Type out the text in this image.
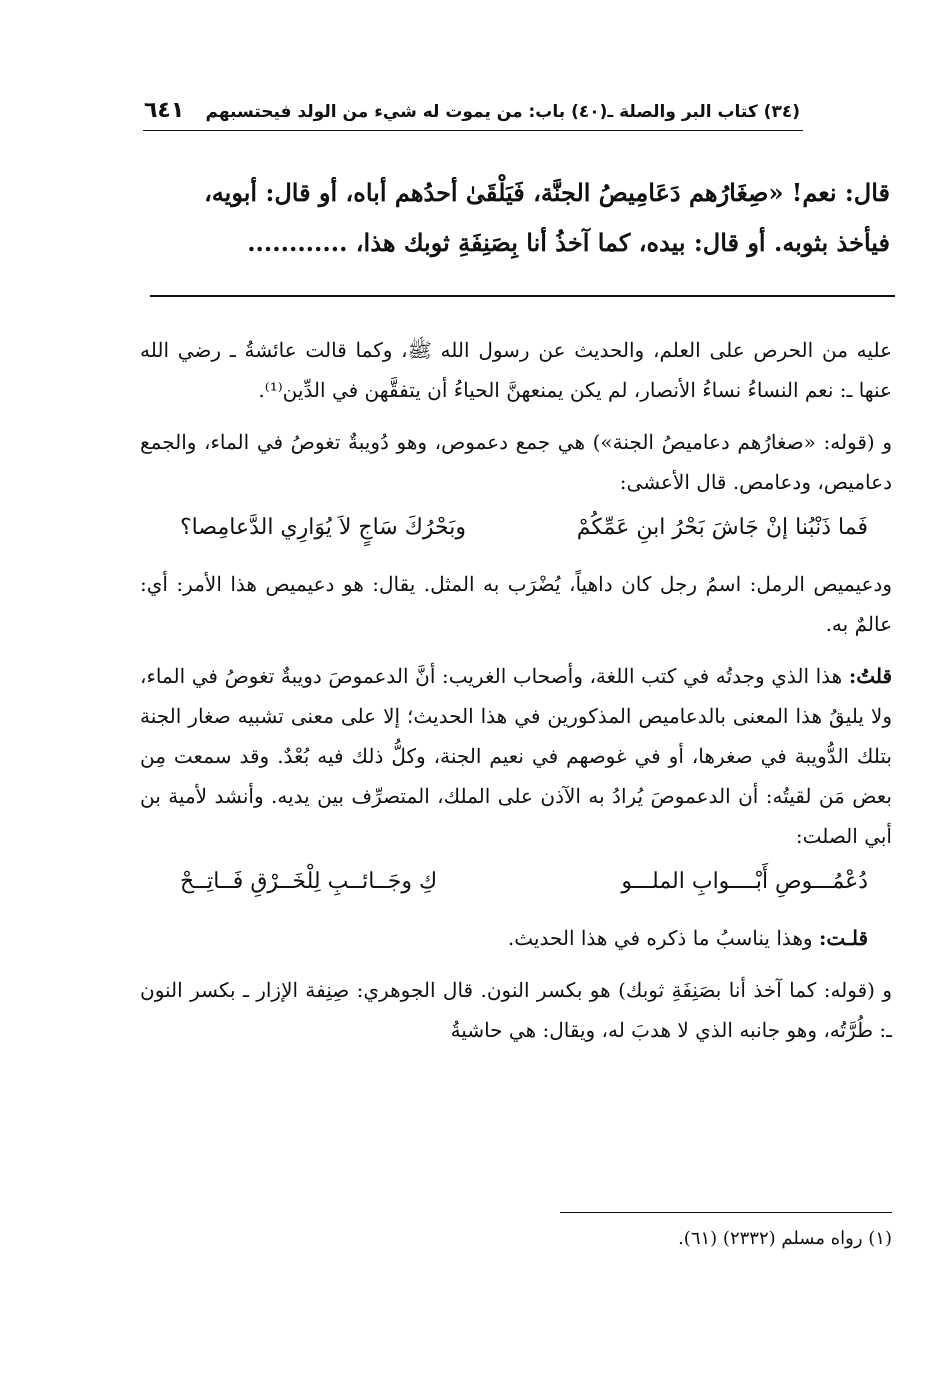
(٣٤) كتاب البر والصلة ـ(٤٠) باب: من يموت له شيء من الولد فيحتسبهم
٦٤١

قال: نعم! «صِغَارُهم دَعَامِيصُ الجنَّة، فَيَلْقَىٰ أحدُهم أباه، أو قال: أبويه،

فيأخذ بثوبه. أو قال: بيده، كما آخذُ أنا بِصَنِفَةِ ثوبك هذا، ............

عليه من الحرص على العلم، والحديث عن رسول الله ﷺ، وكما قالت عائشةُ ـ رضي الله عنها ـ: نعم النساءُ نساءُ الأنصار، لم يكن يمنعهنَّ الحياءُ أن يتفقَّهن في الدِّين⁽¹⁾.

و (قوله: «صغارُهم دعاميصُ الجنة») هي جمع دعموص، وهو دُويبةٌ تغوصُ في الماء، والجمع دعاميص، ودعامص. قال الأعشى:

فَما ذَنْبُنا إنْ جَاشَ بَحْرُ ابنِ عَمِّكُمْ
وبَحْرُكَ سَاجٍ لاَ يُوَارِي الدَّعامِصا؟

ودعيميص الرمل: اسمُ رجل كان داهياً، يُضْرَب به المثل. يقال: هو دعيميص هذا الأمر: أي: عالمٌ به.

قلتُ: هذا الذي وجدتُه في كتب اللغة، وأصحاب الغريب: أنَّ الدعموصَ دويبةٌ تغوصُ في الماء، ولا يليقُ هذا المعنى بالدعاميص المذكورين في هذا الحديث؛ إلا على معنى تشبيه صغار الجنة بتلك الدُّويبة في صغرها، أو في غوصهم في نعيم الجنة، وكلُّ ذلك فيه بُعْدٌ. وقد سمعت مِن بعض مَن لقيتُه: أن الدعموصَ يُرادُ به الآذن على الملك، المتصرِّف بين يديه. وأنشد لأمية بن أبي الصلت:

دُعْمُـــوصِ أَبْــــوابِ الملـــو
كِ وجَــائــبِ لِلْخَــرْقِ فَــاتِــحْ

قلـت: وهذا يناسبُ ما ذكره في هذا الحديث.

و (قوله: كما آخذ أنا بصَنِفَةِ ثوبك) هو بكسر النون. قال الجوهري: صِنِفة الإزار ـ بكسر النون ـ: طُرَّتُه، وهو جانبه الذي لا هدبَ له، ويقال: هي حاشيةُ

(١) رواه مسلم (٢٣٣٢) (٦١).
